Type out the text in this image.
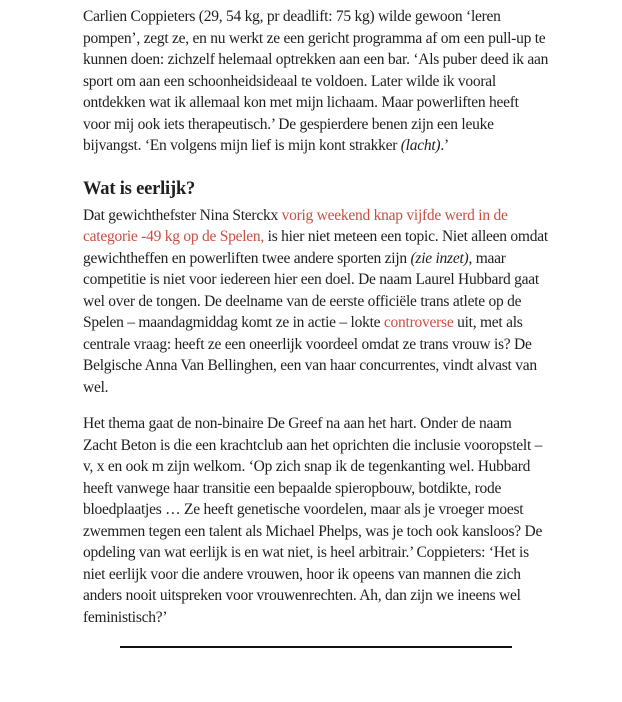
Carlien Coppieters (29, 54 kg, pr deadlift: 75 kg) wilde gewoon ‘leren pompen’, zegt ze, en nu werkt ze een gericht programma af om een pull-up te kunnen doen: zichzelf helemaal optrekken aan een bar. ‘Als puber deed ik aan sport om aan een schoonheidsideaal te voldoen. Later wilde ik vooral ontdekken wat ik allemaal kon met mijn lichaam. Maar powerliften heeft voor mij ook iets therapeutisch.’ De gespierdere benen zijn een leuke bijvangst. ‘En volgens mijn lief is mijn kont strakker (lacht).’

Wat is eerlijk?

Dat gewichthefster Nina Sterckx vorig weekend knap vijfde werd in de categorie -49 kg op de Spelen, is hier niet meteen een topic. Niet alleen omdat gewichtheffen en powerliften twee andere sporten zijn (zie inzet), maar competitie is niet voor iedereen hier een doel. De naam Laurel Hubbard gaat wel over de tongen. De deelname van de eerste officiële trans atlete op de Spelen – maandagmiddag komt ze in actie – lokte controverse uit, met als centrale vraag: heeft ze een oneerlijk voordeel omdat ze trans vrouw is? De Belgische Anna Van Bellinghen, een van haar concurrentes, vindt alvast van wel.

Het thema gaat de non-binaire De Greef na aan het hart. Onder de naam Zacht Beton is die een krachtclub aan het oprichten die inclusie vooropstelt – v, x en ook m zijn welkom. ‘Op zich snap ik de tegenkanting wel. Hubbard heeft vanwege haar transitie een bepaalde spieropbouw, botdikte, rode bloedplaatjes … Ze heeft genetische voordelen, maar als je vroeger moest zwemmen tegen een talent als Michael Phelps, was je toch ook kansloos? De opdeling van wat eerlijk is en wat niet, is heel arbitrair.’ Coppieters: ‘Het is niet eerlijk voor die andere vrouwen, hoor ik opeens van mannen die zich anders nooit uitspreken voor vrouwenrechten. Ah, dan zijn we ineens wel feministisch?’
